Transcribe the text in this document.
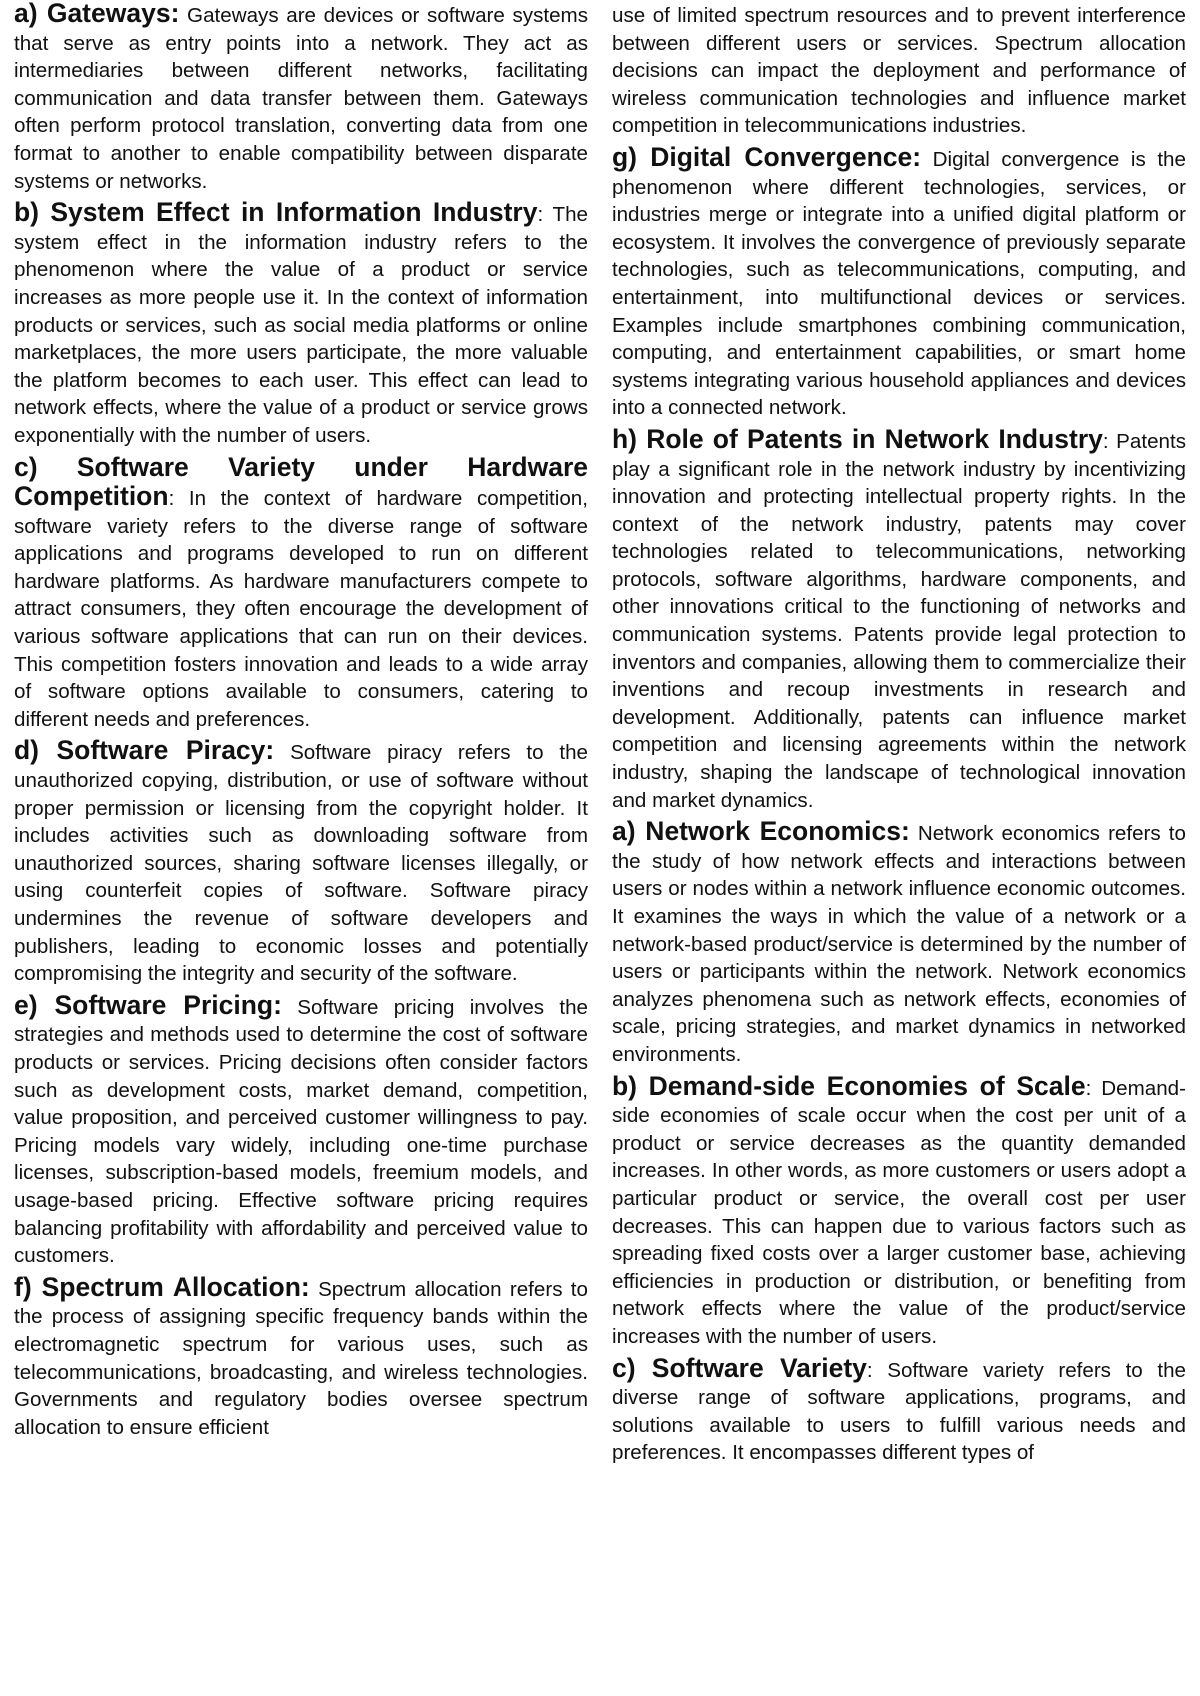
a) Gateways: Gateways are devices or software systems that serve as entry points into a network. They act as intermediaries between different networks, facilitating communication and data transfer between them. Gateways often perform protocol translation, converting data from one format to another to enable compatibility between disparate systems or networks.

b) System Effect in Information Industry: The system effect in the information industry refers to the phenomenon where the value of a product or service increases as more people use it. In the context of information products or services, such as social media platforms or online marketplaces, the more users participate, the more valuable the platform becomes to each user. This effect can lead to network effects, where the value of a product or service grows exponentially with the number of users.

c) Software Variety under Hardware Competition: In the context of hardware competition, software variety refers to the diverse range of software applications and programs developed to run on different hardware platforms. As hardware manufacturers compete to attract consumers, they often encourage the development of various software applications that can run on their devices. This competition fosters innovation and leads to a wide array of software options available to consumers, catering to different needs and preferences.

d) Software Piracy: Software piracy refers to the unauthorized copying, distribution, or use of software without proper permission or licensing from the copyright holder. It includes activities such as downloading software from unauthorized sources, sharing software licenses illegally, or using counterfeit copies of software. Software piracy undermines the revenue of software developers and publishers, leading to economic losses and potentially compromising the integrity and security of the software.

e) Software Pricing: Software pricing involves the strategies and methods used to determine the cost of software products or services. Pricing decisions often consider factors such as development costs, market demand, competition, value proposition, and perceived customer willingness to pay. Pricing models vary widely, including one-time purchase licenses, subscription-based models, freemium models, and usage-based pricing. Effective software pricing requires balancing profitability with affordability and perceived value to customers.

f) Spectrum Allocation: Spectrum allocation refers to the process of assigning specific frequency bands within the electromagnetic spectrum for various uses, such as telecommunications, broadcasting, and wireless technologies. Governments and regulatory bodies oversee spectrum allocation to ensure efficient

use of limited spectrum resources and to prevent interference between different users or services. Spectrum allocation decisions can impact the deployment and performance of wireless communication technologies and influence market competition in telecommunications industries.

g) Digital Convergence: Digital convergence is the phenomenon where different technologies, services, or industries merge or integrate into a unified digital platform or ecosystem. It involves the convergence of previously separate technologies, such as telecommunications, computing, and entertainment, into multifunctional devices or services. Examples include smartphones combining communication, computing, and entertainment capabilities, or smart home systems integrating various household appliances and devices into a connected network.

h) Role of Patents in Network Industry: Patents play a significant role in the network industry by incentivizing innovation and protecting intellectual property rights. In the context of the network industry, patents may cover technologies related to telecommunications, networking protocols, software algorithms, hardware components, and other innovations critical to the functioning of networks and communication systems. Patents provide legal protection to inventors and companies, allowing them to commercialize their inventions and recoup investments in research and development. Additionally, patents can influence market competition and licensing agreements within the network industry, shaping the landscape of technological innovation and market dynamics.

a) Network Economics: Network economics refers to the study of how network effects and interactions between users or nodes within a network influence economic outcomes. It examines the ways in which the value of a network or a network-based product/service is determined by the number of users or participants within the network. Network economics analyzes phenomena such as network effects, economies of scale, pricing strategies, and market dynamics in networked environments.

b) Demand-side Economies of Scale: Demand-side economies of scale occur when the cost per unit of a product or service decreases as the quantity demanded increases. In other words, as more customers or users adopt a particular product or service, the overall cost per user decreases. This can happen due to various factors such as spreading fixed costs over a larger customer base, achieving efficiencies in production or distribution, or benefiting from network effects where the value of the product/service increases with the number of users.

c) Software Variety: Software variety refers to the diverse range of software applications, programs, and solutions available to users to fulfill various needs and preferences. It encompasses different types of
